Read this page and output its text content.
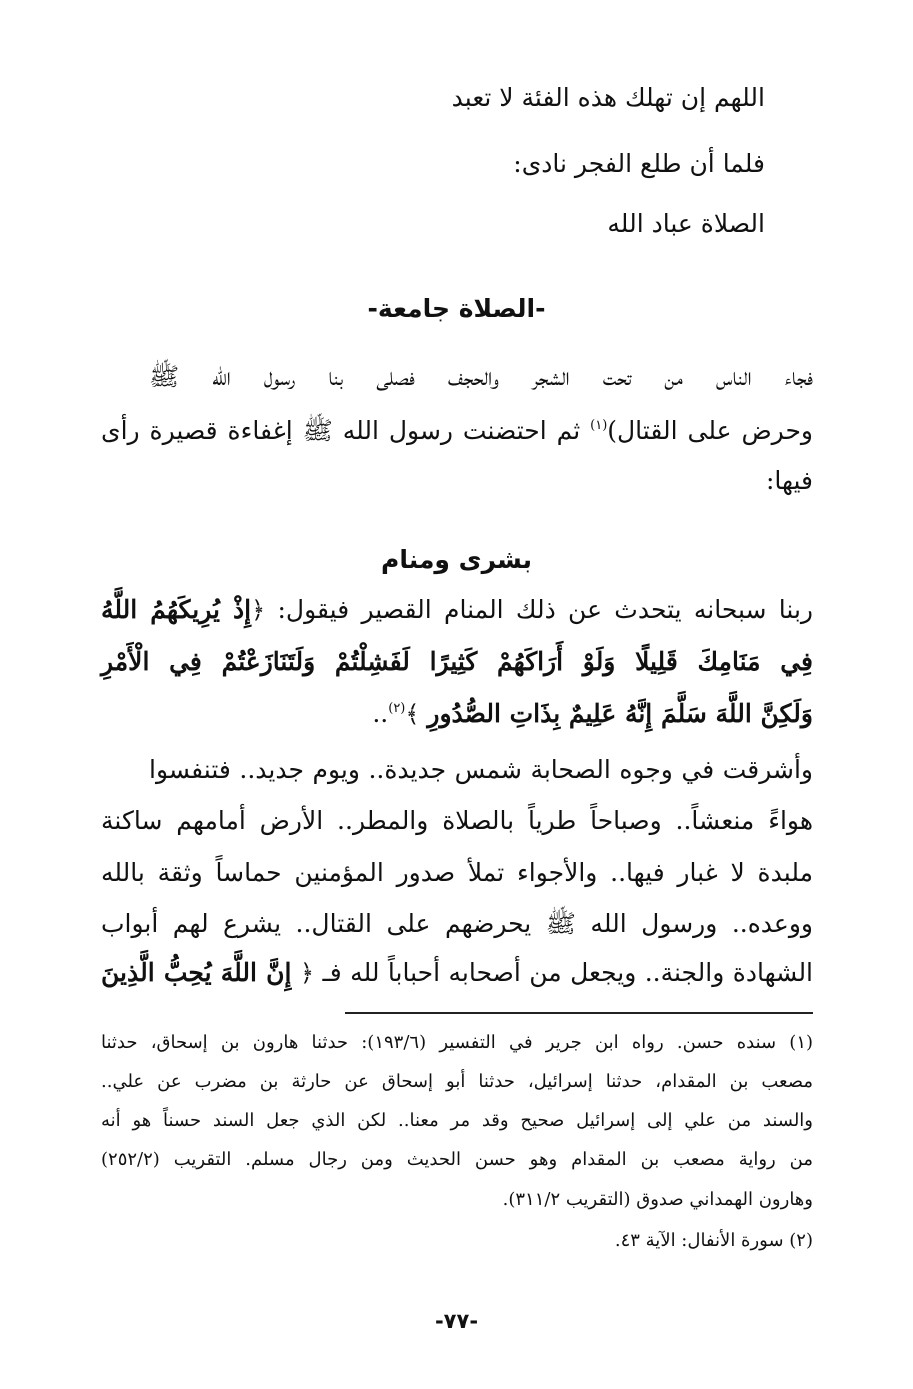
اللهم إن تهلك هذه الفئة لا تعبد

فلما أن طلع الفجر نادى:

الصلاة عباد الله

-الصلاة جامعة-

فجاء الناس من تحت الشجر والحجف فصلى بنا رسول الله ﷺ

وحرض على القتال)$^{(١)}$ ثم احتضنت رسول الله ﷺ إغفاءة قصيرة رأى

فيها:

بشرى ومنام

ربنا سبحانه يتحدث عن ذلك المنام القصير فيقول: ﴿إِذْ يُرِيكَهُمُ اللَّهُ

فِي مَنَامِكَ قَلِيلًا وَلَوْ أَرَاكَهُمْ كَثِيرًا لَفَشِلْتُمْ وَلَتَنَازَعْتُمْ فِي الْأَمْرِ

وَلَكِنَّ اللَّهَ سَلَّمَ إِنَّهُ عَلِيمٌ بِذَاتِ الصُّدُورِ ﴾$^{(٢)}$..

وأشرقت في وجوه الصحابة شمس جديدة.. ويوم جديد.. فتنفسوا

هواءً منعشاً.. وصباحاً طرياً بالصلاة والمطر.. الأرض أمامهم ساكنة

ملبدة لا غبار فيها.. والأجواء تملأ صدور المؤمنين حماساً وثقة بالله

ووعده.. ورسول الله ﷺ يحرضهم على القتال.. يشرع لهم أبواب

الشهادة والجنة.. ويجعل من أصحابه أحباباً لله فـ ﴿ إِنَّ اللَّهَ يُحِبُّ الَّذِينَ

(١) سنده حسن. رواه ابن جرير في التفسير (١٩٣/٦): حدثنا هارون بن إسحاق، حدثنا

مصعب بن المقدام، حدثنا إسرائيل، حدثنا أبو إسحاق عن حارثة بن مضرب عن علي..

والسند من علي إلى إسرائيل صحيح وقد مر معنا.. لكن الذي جعل السند حسناً هو أنه

من رواية مصعب بن المقدام وهو حسن الحديث ومن رجال مسلم. التقريب (٢٥٢/٢)

وهارون الهمداني صدوق (التقريب ٣١١/٢).

(٢) سورة الأنفال: الآية ٤٣.

-٧٧-
